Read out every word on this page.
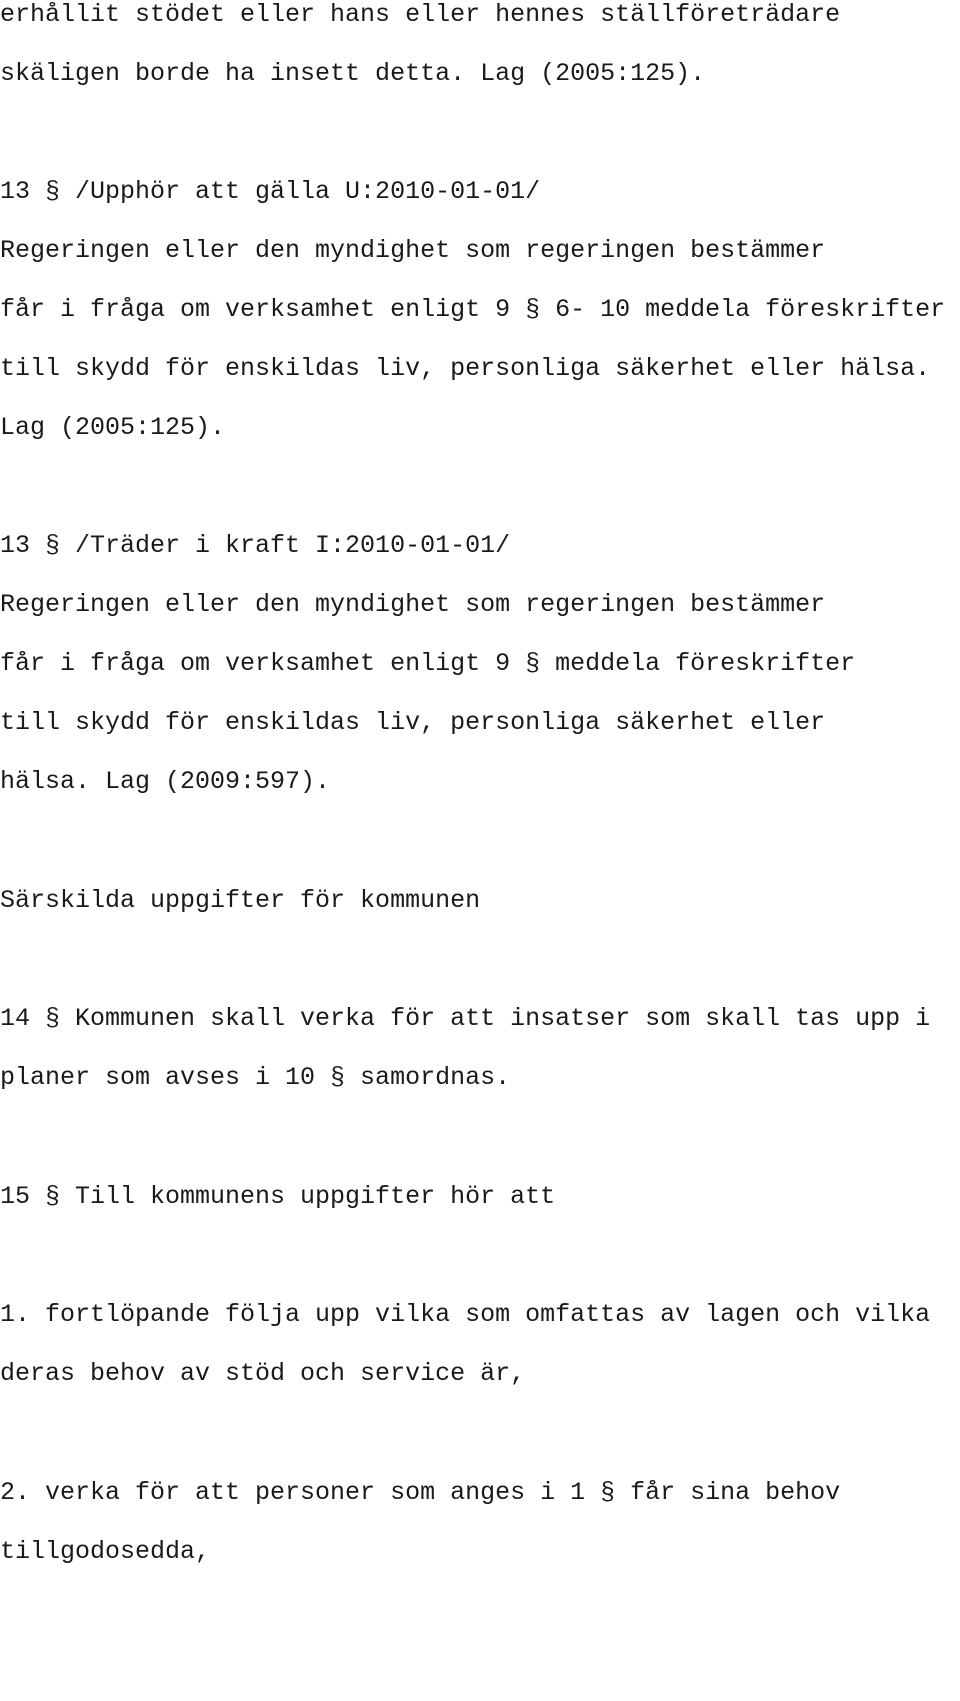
erhållit stödet eller hans eller hennes ställföreträdare
skäligen borde ha insett detta. Lag (2005:125).
13 § /Upphör att gälla U:2010-01-01/
Regeringen eller den myndighet som regeringen bestämmer
får i fråga om verksamhet enligt 9 § 6- 10 meddela föreskrifter
till skydd för enskildas liv, personliga säkerhet eller hälsa.
Lag (2005:125).
13 § /Träder i kraft I:2010-01-01/
Regeringen eller den myndighet som regeringen bestämmer
får i fråga om verksamhet enligt 9 § meddela föreskrifter
till skydd för enskildas liv, personliga säkerhet eller
hälsa. Lag (2009:597).
Särskilda uppgifter för kommunen
14 § Kommunen skall verka för att insatser som skall tas upp i
planer som avses i 10 § samordnas.
15 § Till kommunens uppgifter hör att
1. fortlöpande följa upp vilka som omfattas av lagen och vilka
deras behov av stöd och service är,
2. verka för att personer som anges i 1 § får sina behov
tillgodosedda,
